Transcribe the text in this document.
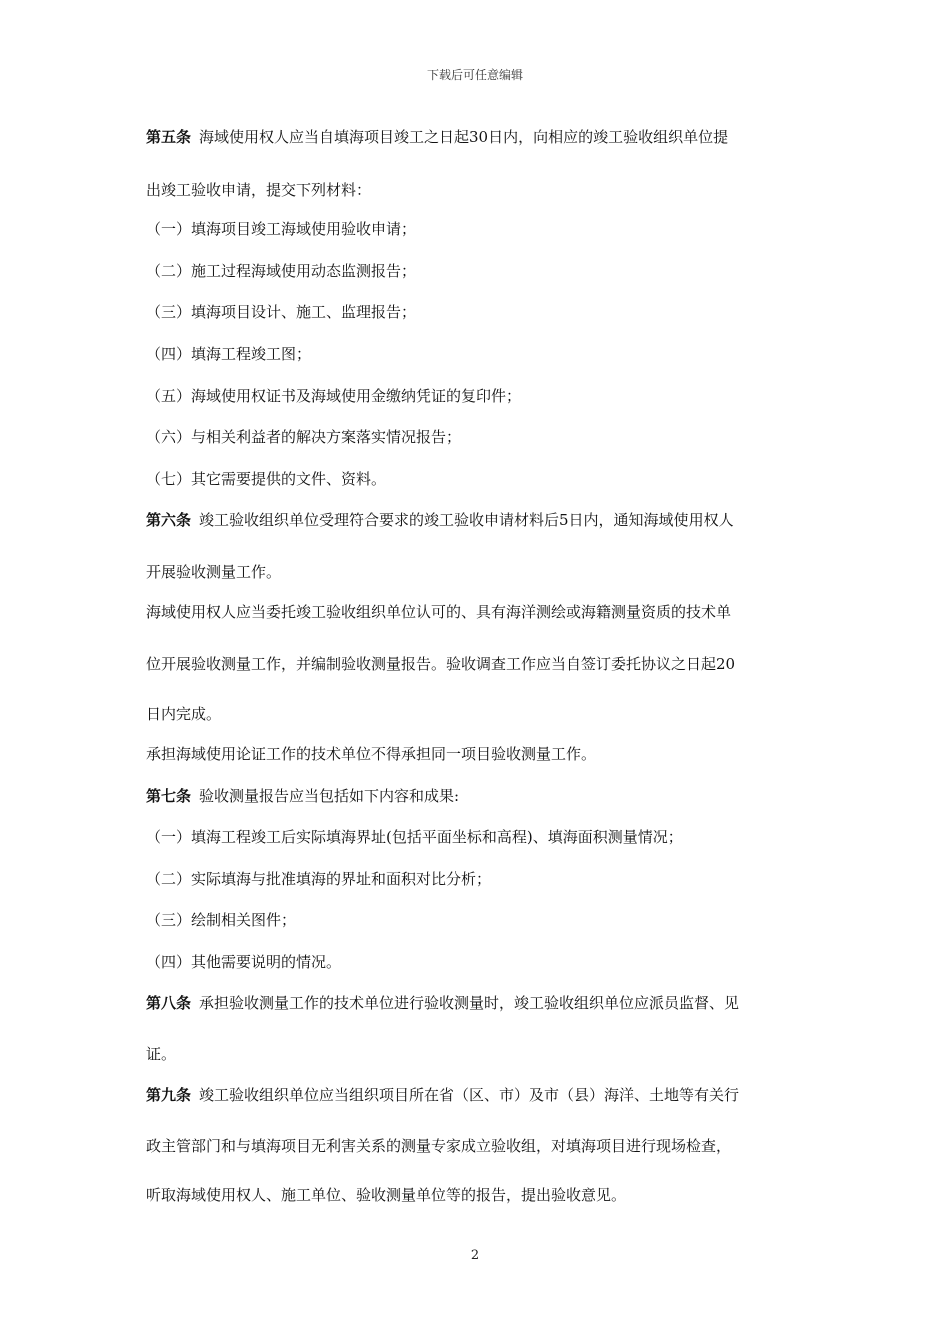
下载后可任意编辑
第五条 海域使用权人应当自填海项目竣工之日起30日内，向相应的竣工验收组织单位提
出竣工验收申请，提交下列材料：
（一）填海项目竣工海域使用验收申请；
（二）施工过程海域使用动态监测报告；
（三）填海项目设计、施工、监理报告；
（四）填海工程竣工图；
（五）海域使用权证书及海域使用金缴纳凭证的复印件；
（六）与相关利益者的解决方案落实情况报告；
（七）其它需要提供的文件、资料。
第六条 竣工验收组织单位受理符合要求的竣工验收申请材料后5日内，通知海域使用权人
开展验收测量工作。
海域使用权人应当委托竣工验收组织单位认可的、具有海洋测绘或海籍测量资质的技术单
位开展验收测量工作，并编制验收测量报告。验收调查工作应当自签订委托协议之日起20
日内完成。
承担海域使用论证工作的技术单位不得承担同一项目验收测量工作。
第七条 验收测量报告应当包括如下内容和成果:
（一）填海工程竣工后实际填海界址(包括平面坐标和高程)、填海面积测量情况；
（二）实际填海与批准填海的界址和面积对比分析；
（三）绘制相关图件；
（四）其他需要说明的情况。
第八条 承担验收测量工作的技术单位进行验收测量时，竣工验收组织单位应派员监督、见
证。
第九条 竣工验收组织单位应当组织项目所在省（区、市）及市（县）海洋、土地等有关行
政主管部门和与填海项目无利害关系的测量专家成立验收组，对填海项目进行现场检查，
听取海域使用权人、施工单位、验收测量单位等的报告，提出验收意见。
2
